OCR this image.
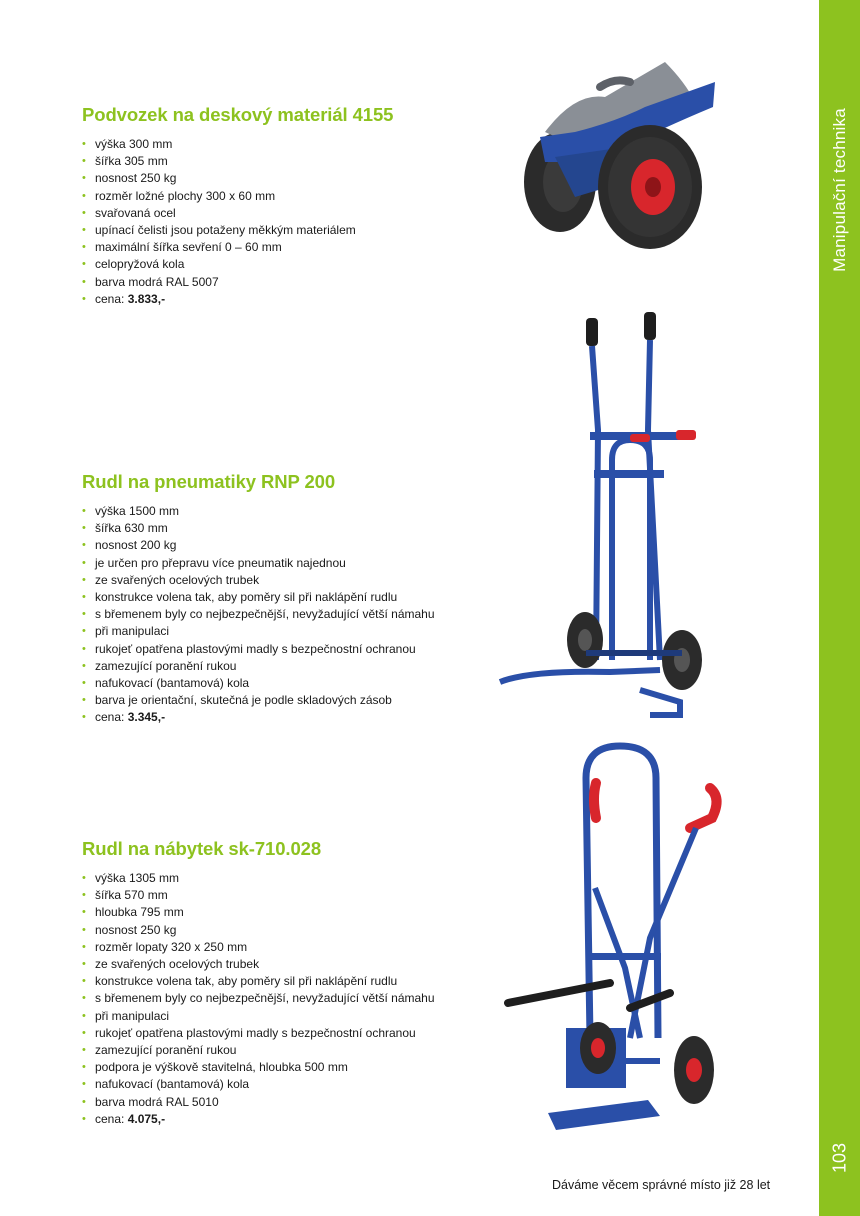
Manipulační technika
103
Podvozek na deskový materiál 4155
• výška 300 mm
• šířka 305 mm
• nosnost 250 kg
• rozměr ložné plochy 300 x 60 mm
• svařovaná ocel
• upínací čelisti jsou potaženy měkkým materiálem
• maximální šířka sevření 0 – 60 mm
• celopryžová kola
• barva modrá RAL 5007
• cena: 3.833,-
Rudl na pneumatiky RNP 200
• výška 1500 mm
• šířka 630 mm
• nosnost 200 kg
• je určen pro přepravu více pneumatik najednou
• ze svařených ocelových trubek
• konstrukce volena tak, aby poměry sil při naklápění rudlu
• s břemenem byly co nejbezpečnější, nevyžadující větší námahu
• při manipulaci
• rukojeť opatřena plastovými madly s bezpečnostní ochranou
• zamezující poranění rukou
• nafukovací (bantamová) kola
• barva je orientační, skutečná je podle skladových zásob
• cena: 3.345,-
Rudl na nábytek sk-710.028
• výška 1305 mm
• šířka 570 mm
• hloubka 795 mm
• nosnost 250 kg
• rozměr lopaty 320 x 250 mm
• ze svařených ocelových trubek
• konstrukce volena tak, aby poměry sil při naklápění rudlu
• s břemenem byly co nejbezpečnější, nevyžadující větší námahu
• při manipulaci
• rukojeť opatřena plastovými madly s bezpečnostní ochranou
• zamezující poranění rukou
• podpora je výškově stavitelná, hloubka 500 mm
• nafukovací (bantamová) kola
• barva modrá RAL 5010
• cena: 4.075,-
Dáváme věcem správné místo již 28 let
